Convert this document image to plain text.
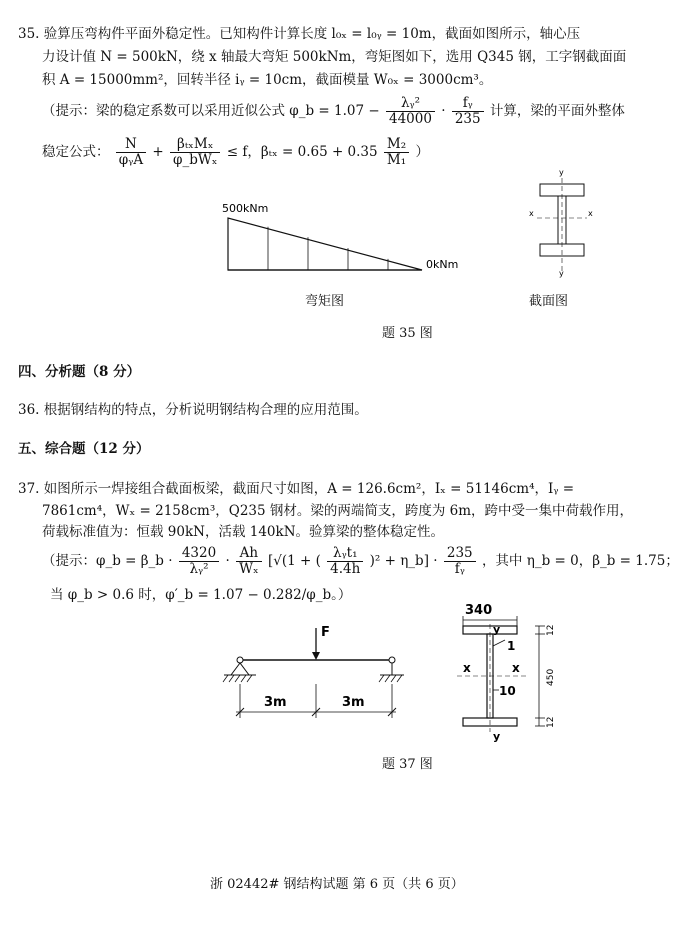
35. 验算压弯构件平面外稳定性。已知构件计算长度 l₀ₓ = l₀ᵧ = 10m，截面如图所示，轴心压
力设计值 N = 500kN，绕 x 轴最大弯矩 500kNm，弯矩图如下，选用 Q345 钢，工字钢截面面
积 A = 15000mm²，回转半径 iᵧ = 10cm，截面模量 W₀ₓ = 3000cm³。
（提示：梁的稳定系数可以采用近似公式 φ_b = $1.07 - \frac{\text{λᵧ²}}{44000} \cdot \frac{\text{fᵧ}}{235}$ 计算，梁的平面外整体
稳定公式： $\frac{N}{\text{φᵧA}} + \frac{\text{βₜₓMₓ}}{\text{φ\_bWₓ}} \le f$，$\beta_{tx} = 0.65 + 0.35 \frac{\text{M₂}}{\text{M₁}}$ ）
500kNm
0kNm
弯矩图
y
x	x
y
截面图
题 35 图
四、分析题（8 分）
36. 根据钢结构的特点，分析说明钢结构合理的应用范围。
五、综合题（12 分）
37. 如图所示一焊接组合截面板梁，截面尺寸如图，A = 126.6cm²，Iₓ = 51146cm⁴，Iᵧ =
7861cm⁴，Wₓ = 2158cm³，Q235 钢材。梁的两端简支，跨度为 6m，跨中受一集中荷载作用，
荷载标准值为：恒载 90kN，活载 140kN。验算梁的整体稳定性。
（提示：φ_b = β_b · $\frac{4320}{\text{λᵧ²}} \cdot \frac{Ah}{\text{Wₓ}} [√(1$ + ( $\frac{\text{λᵧt₁}}{4.4h} )^2$ + η_b] · $\frac{235}{\text{fᵧ}}$ ，其中 η_b = 0，β_b = 1.75；
当 φ_b > 0.6 时，φ′_b = 1.07 − 0.282/φ_b。）
F
3m	3m
340
y
x	x
1
10
y
12
450
12
题 37 图
浙 02442# 钢结构试题 第 6 页（共 6 页）
